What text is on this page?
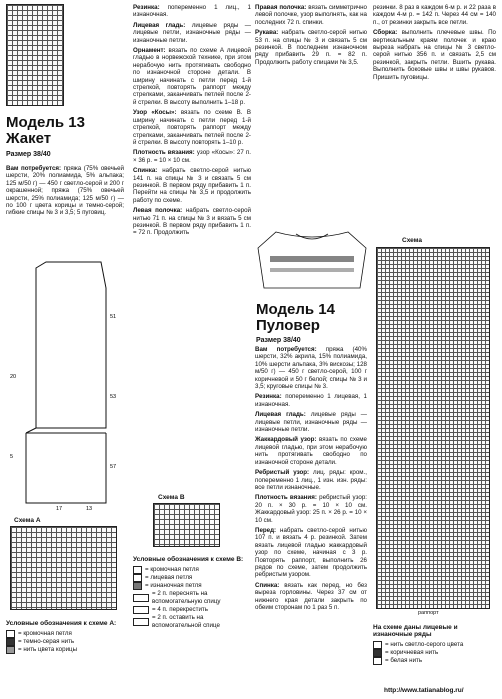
Модель 13
Жакет
Размер 38/40
Вам потребуется: пряжа (75% овечьей шерсти, 20% полиамида, 5% альпака; 125 м/50 г) — 450 г светло-серой и 200 г окрашенной; пряжа (75% овечьей шерсти, 25% полиамида; 125 м/50 г) — по 100 г цвета корицы и темно-серой; гибкие спицы № 3 и 3,5; 5 пуговиц.
51
53
57
20
5
17	13
Схема А
Условные обозначения к схеме А:
= кромочная петля
= темно-серая нить
= нить цвета корицы

Резинка: попеременно 1 лиц., 1 изнаночная.

Лицевая гладь: лицевые ряды — лицевые петли, изнаночные ряды — изнаночные петли.

Орнамент: вязать по схеме А лицевой гладью в норвежской технике, при этом нерабочую нить протягивать свободно по изнаночной стороне детали. В ширину начинать с петли перед 1-й стрелкой, повторять раппорт между стрелками, заканчивать петлей после 2-й стрелки. В высоту выполнить 1–18 р.

Узор «Косы»: вязать по схеме В. В ширину начинать с петли перед 1-й стрелкой, повторять раппорт между стрелками, заканчивать петлей после 2-й стрелки. В высоту повторять 1–10 р.

Плотность вязания: узор «Косы»: 27 п. × 36 р. = 10 × 10 см.

Спинка: набрать светло-серой нитью 141 п. на спицы № 3 и связать 5 см резинкой. В первом ряду прибавить 1 п. Перейти на спицы № 3,5 и продолжить работу по схеме.

Левая полочка: набрать светло-серой нитью 71 п. на спицы № 3 и вязать 5 см резинкой. В первом ряду прибавить 1 п. = 72 п. Продолжить

Схема В
Условные обозначения к схеме В:
= кромочная петля
= лицевая петля
= изнаночная петля
= 2 п. переснять на вспомогательную спицу
= 4 п. перекрестить
= 2 п. оставить на вспомогательной спице

Правая полочка: вязать симметрично левой полочке, узор выполнять, как на последних 72 п. спинки.

Рукава: набрать светло-серой нитью 53 п. на спицы № 3 и связать 5 см резинкой. В последнем изнаночном ряду прибавить 29 п. = 82 п. Продолжить работу спицами № 3,5.

Модель 14
Пуловер
Размер 38/40

Вам потребуется: пряжа (40% шерсти, 32% акрила, 15% полиамида, 10% шерсти альпака, 3% вискозы; 128 м/50 г) — 450 г светло-серой, 100 г коричневой и 50 г белой; спицы № 3 и 3,5; круговые спицы № 3.

Резинка: попеременно 1 лицевая, 1 изнаночная.

Лицевая гладь: лицевые ряды — лицевые петли, изнаночные ряды — изнаночные петли.

Жаккардовый узор: вязать по схеме лицевой гладью, при этом нерабочую нить протягивать свободно по изнаночной стороне детали.

Ребристый узор: лиц. ряды: кром., попеременно 1 лиц., 1 изн. изн. ряды: все петли изнаночные.

Плотность вязания: ребристый узор: 20 п. × 30 р. = 10 × 10 см. Жаккардовый узор: 25 п. × 26 р. = 10 × 10 см.

Перед: набрать светло-серой нитью 107 п. и вязать 4 р. резинкой. Затем вязать лицевой гладью жаккардовый узор по схеме, начиная с 3 р. Повторять раппорт, выполнить 26 рядов по схеме, затем продолжить ребристым узором.

Спинка: вязать как перед, но без выреза горловины. Через 37 см от нижнего края детали закрыть по обеим сторонам по 1 раз 5 п.

резинки. 8 раз в каждом 6-м р. и 22 раза в каждом 4-м р. = 142 п. Через 44 см = 140 п., от резинки закрыть все петли.

Сборка: выполнить плечевые швы. По вертикальным краям полочек и краю выреза набрать на спицы № 3 светло-серой нитью 356 п. и связать 2,5 см резинкой, закрыть петли. Вшить рукава. Выполнить боковые швы и швы рукавов. Пришить пуговицы.

Схема
раппорт
На схеме даны лицевые и изнаночные ряды
= нить светло-серого цвета
= коричневая нить
= белая нить
http://www.tatianablog.ru/
